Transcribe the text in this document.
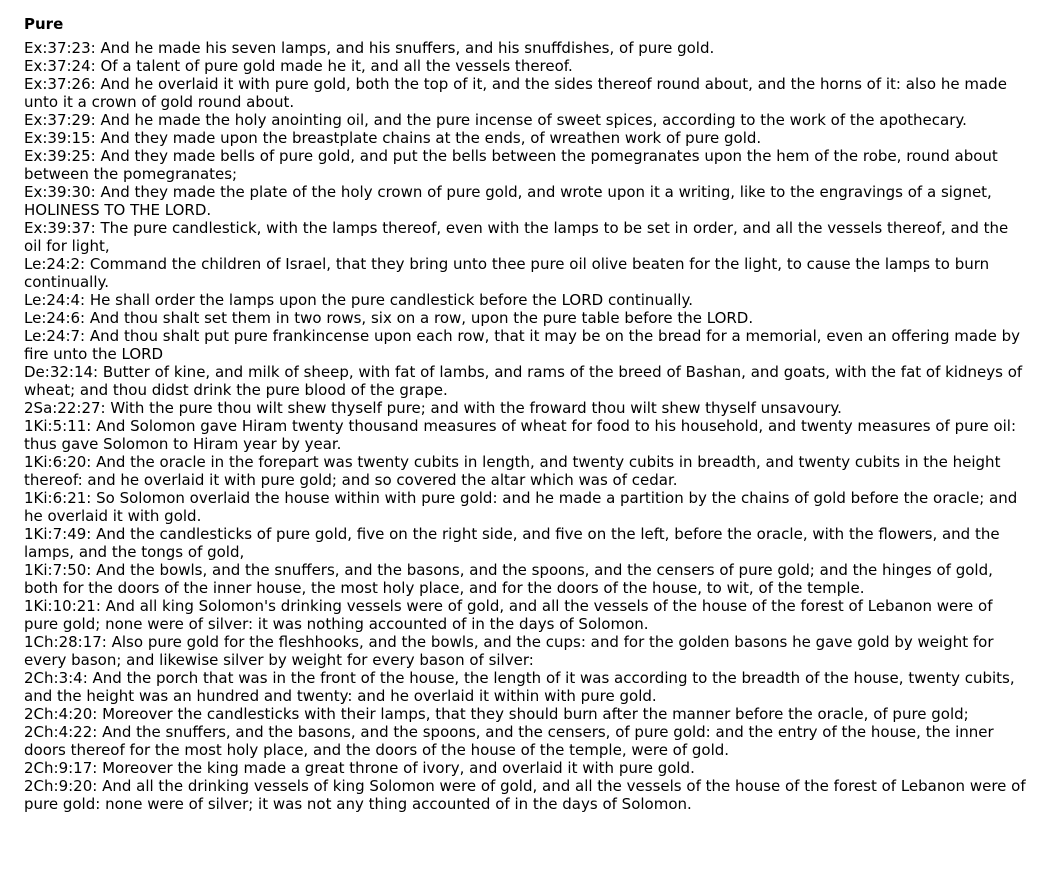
Pure
Ex:37:23: And he made his seven lamps, and his snuffers, and his snuffdishes, of pure gold.
Ex:37:24: Of a talent of pure gold made he it, and all the vessels thereof.
Ex:37:26: And he overlaid it with pure gold, both the top of it, and the sides thereof round about, and the horns of it: also he made unto it a crown of gold round about.
Ex:37:29: And he made the holy anointing oil, and the pure incense of sweet spices, according to the work of the apothecary.
Ex:39:15: And they made upon the breastplate chains at the ends, of wreathen work of pure gold.
Ex:39:25: And they made bells of pure gold, and put the bells between the pomegranates upon the hem of the robe, round about between the pomegranates;
Ex:39:30: And they made the plate of the holy crown of pure gold, and wrote upon it a writing, like to the engravings of a signet, HOLINESS TO THE LORD.
Ex:39:37: The pure candlestick, with the lamps thereof, even with the lamps to be set in order, and all the vessels thereof, and the oil for light,
Le:24:2: Command the children of Israel, that they bring unto thee pure oil olive beaten for the light, to cause the lamps to burn continually.
Le:24:4: He shall order the lamps upon the pure candlestick before the LORD continually.
Le:24:6: And thou shalt set them in two rows, six on a row, upon the pure table before the LORD.
Le:24:7: And thou shalt put pure frankincense upon each row, that it may be on the bread for a memorial, even an offering made by fire unto the LORD
De:32:14: Butter of kine, and milk of sheep, with fat of lambs, and rams of the breed of Bashan, and goats, with the fat of kidneys of wheat; and thou didst drink the pure blood of the grape.
2Sa:22:27: With the pure thou wilt shew thyself pure; and with the froward thou wilt shew thyself unsavoury.
1Ki:5:11: And Solomon gave Hiram twenty thousand measures of wheat for food to his household, and twenty measures of pure oil: thus gave Solomon to Hiram year by year.
1Ki:6:20: And the oracle in the forepart was twenty cubits in length, and twenty cubits in breadth, and twenty cubits in the height thereof: and he overlaid it with pure gold; and so covered the altar which was of cedar.
1Ki:6:21: So Solomon overlaid the house within with pure gold: and he made a partition by the chains of gold before the oracle; and he overlaid it with gold.
1Ki:7:49: And the candlesticks of pure gold, five on the right side, and five on the left, before the oracle, with the flowers, and the lamps, and the tongs of gold,
1Ki:7:50: And the bowls, and the snuffers, and the basons, and the spoons, and the censers of pure gold; and the hinges of gold, both for the doors of the inner house, the most holy place, and for the doors of the house, to wit, of the temple.
1Ki:10:21: And all king Solomon's drinking vessels were of gold, and all the vessels of the house of the forest of Lebanon were of pure gold; none were of silver: it was nothing accounted of in the days of Solomon.
1Ch:28:17: Also pure gold for the fleshhooks, and the bowls, and the cups: and for the golden basons he gave gold by weight for every bason; and likewise silver by weight for every bason of silver:
2Ch:3:4: And the porch that was in the front of the house, the length of it was according to the breadth of the house, twenty cubits, and the height was an hundred and twenty: and he overlaid it within with pure gold.
2Ch:4:20: Moreover the candlesticks with their lamps, that they should burn after the manner before the oracle, of pure gold;
2Ch:4:22: And the snuffers, and the basons, and the spoons, and the censers, of pure gold: and the entry of the house, the inner doors thereof for the most holy place, and the doors of the house of the temple, were of gold.
2Ch:9:17: Moreover the king made a great throne of ivory, and overlaid it with pure gold.
2Ch:9:20: And all the drinking vessels of king Solomon were of gold, and all the vessels of the house of the forest of Lebanon were of pure gold: none were of silver; it was not any thing accounted of in the days of Solomon.
